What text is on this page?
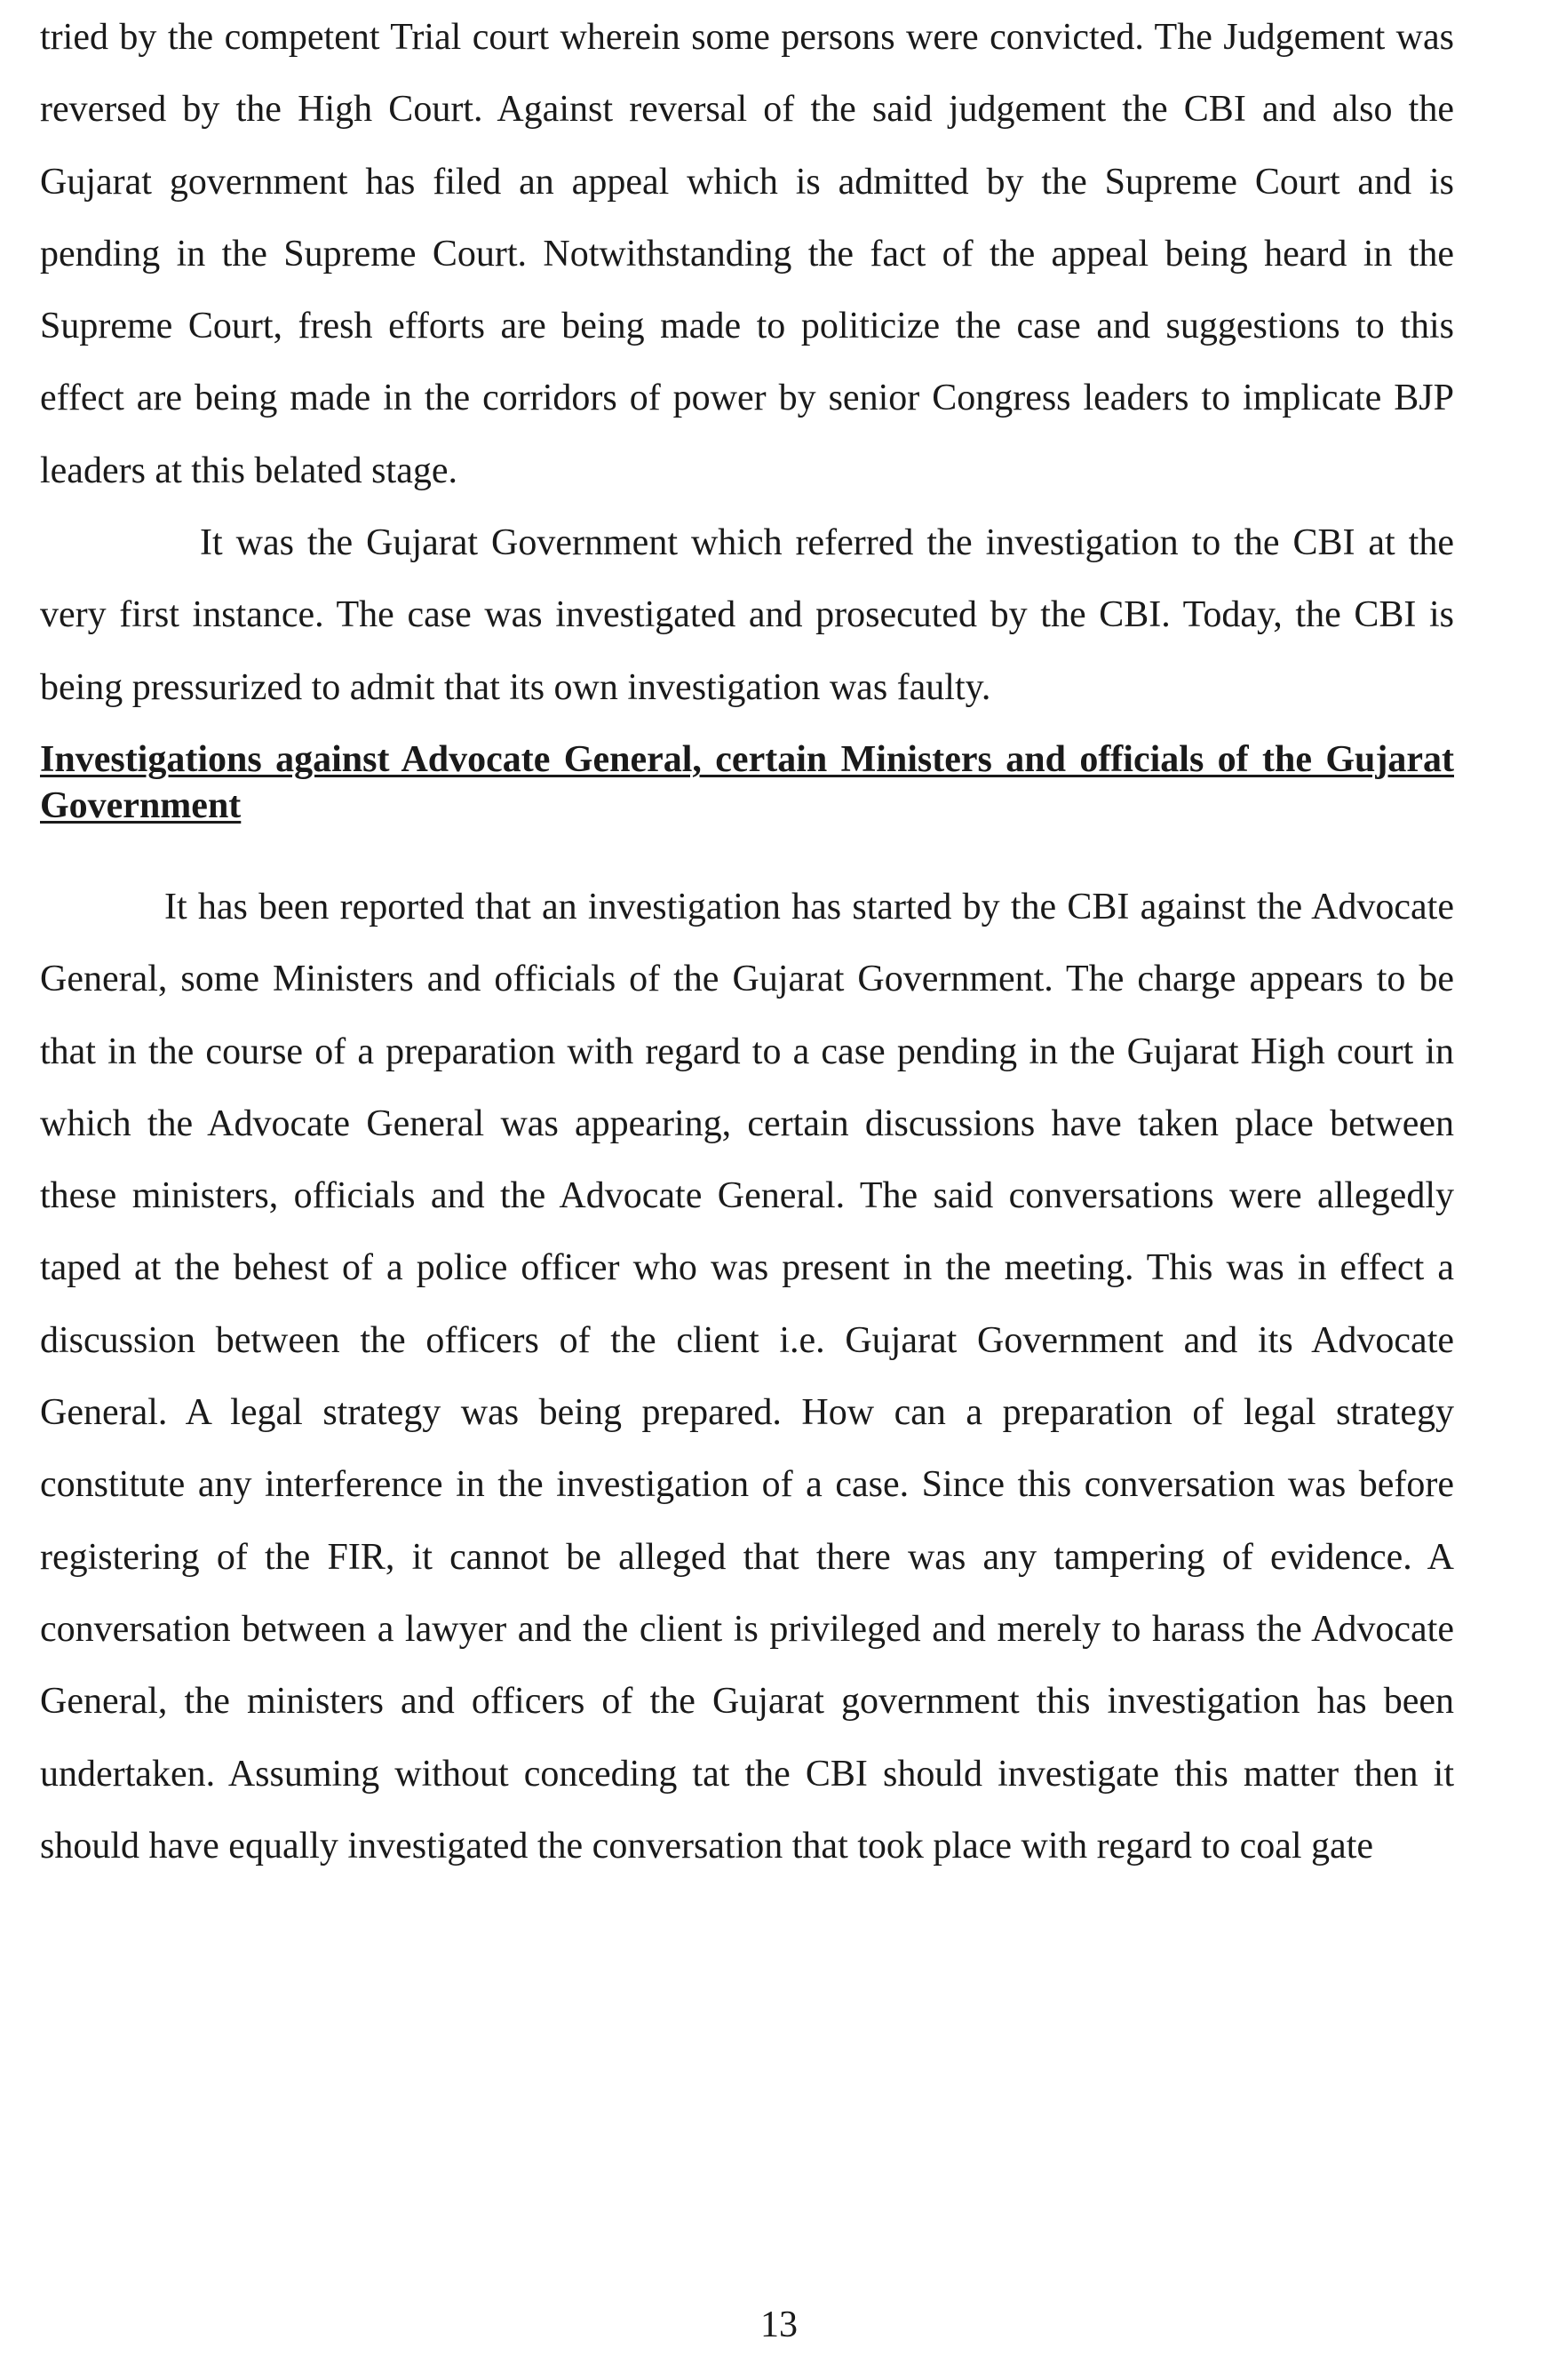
tried by the competent Trial court wherein some persons were convicted. The Judgement was reversed by the High Court. Against reversal of the said judgement the CBI and also the Gujarat government has filed an appeal which is admitted by the Supreme Court and is pending in the Supreme Court. Notwithstanding the fact of the appeal being heard in the Supreme Court, fresh efforts are being made to politicize the case and suggestions to this effect are being made in the corridors of power by senior Congress leaders to implicate BJP leaders at this belated stage.

It was the Gujarat Government which referred the investigation to the CBI at the very first instance. The case was investigated and prosecuted by the CBI. Today, the CBI is being pressurized to admit that its own investigation was faulty.

Investigations against Advocate General, certain Ministers and officials of the Gujarat Government

It has been reported that an investigation has started by the CBI against the Advocate General, some Ministers and officials of the Gujarat Government. The charge appears to be that in the course of a preparation with regard to a case pending in the Gujarat High court in which the Advocate General was appearing, certain discussions have taken place between these ministers, officials and the Advocate General. The said conversations were allegedly taped at the behest of a police officer who was present in the meeting. This was in effect a discussion between the officers of the client i.e. Gujarat Government and its Advocate General. A legal strategy was being prepared. How can a preparation of legal strategy constitute any interference in the investigation of a case. Since this conversation was before registering of the FIR, it cannot be alleged that there was any tampering of evidence. A conversation between a lawyer and the client is privileged and merely to harass the Advocate General, the ministers and officers of the Gujarat government this investigation has been undertaken. Assuming without conceding tat the CBI should investigate this matter then it should have equally investigated the conversation that took place with regard to coal gate

13
